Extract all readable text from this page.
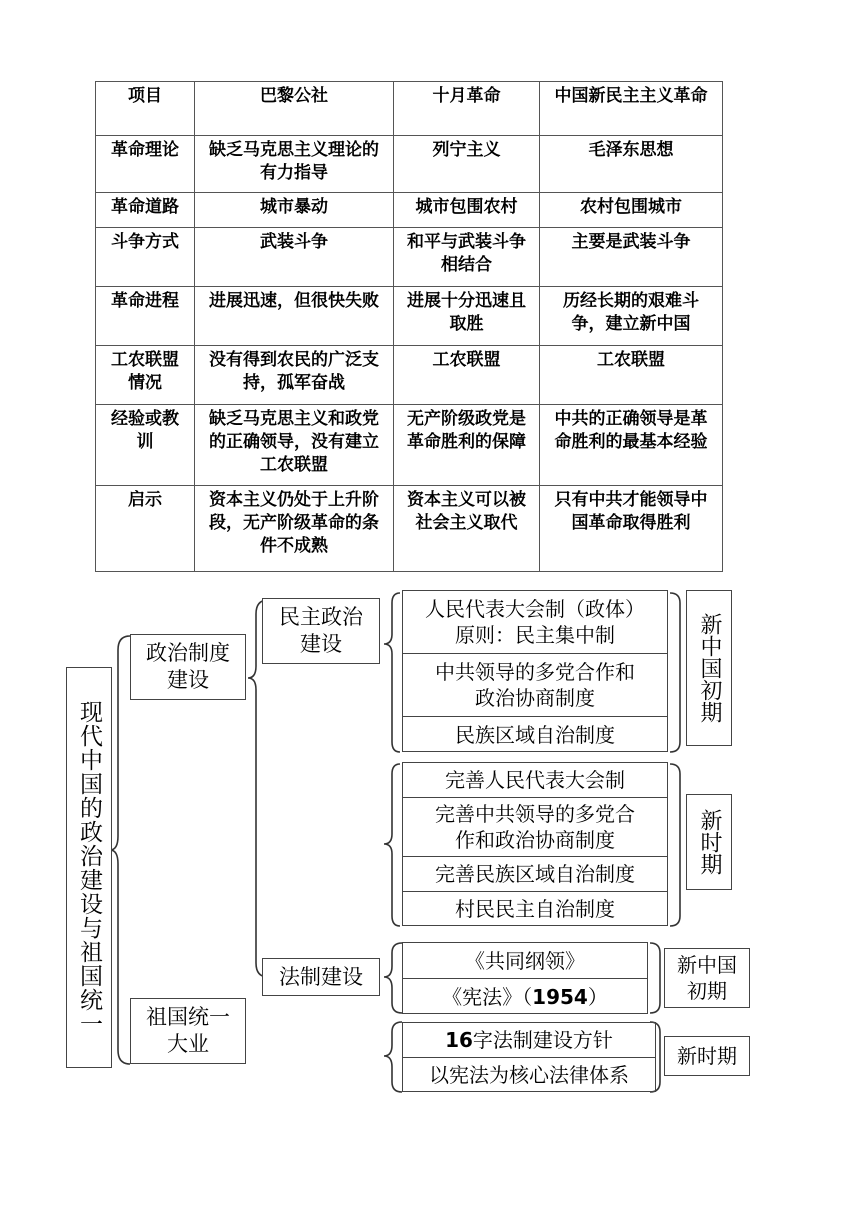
项目	巴黎公社	十月革命	中国新民主主义革命
革命理论	缺乏马克思主义理论的有力指导	列宁主义	毛泽东思想
革命道路	城市暴动	城市包围农村	农村包围城市
斗争方式	武装斗争	和平与武装斗争相结合	主要是武装斗争
革命进程	进展迅速，但很快失败	进展十分迅速且取胜	历经长期的艰难斗争，建立新中国
工农联盟情况	没有得到农民的广泛支持，孤军奋战	工农联盟	工农联盟
经验或教训	缺乏马克思主义和政党的正确领导，没有建立工农联盟	无产阶级政党是革命胜利的保障	中共的正确领导是革命胜利的最基本经验
启示	资本主义仍处于上升阶段，无产阶级革命的条件不成熟	资本主义可以被社会主义取代	只有中共才能领导中国革命取得胜利
现代中国的政治建设与祖国统一
政治制度
建设
祖国统一
大业
民主政治
建设
法制建设
人民代表大会制（政体）
原则：民主集中制
中共领导的多党合作和
政治协商制度
民族区域自治制度
新中国初期
完善人民代表大会制
完善中共领导的多党合
作和政治协商制度
完善民族区域自治制度
村民民主自治制度
新时期
《共同纲领》
《宪法》（ 1954 ）
新中国
初期
16 字法制建设方针
以宪法为核心法律体系
新时期
